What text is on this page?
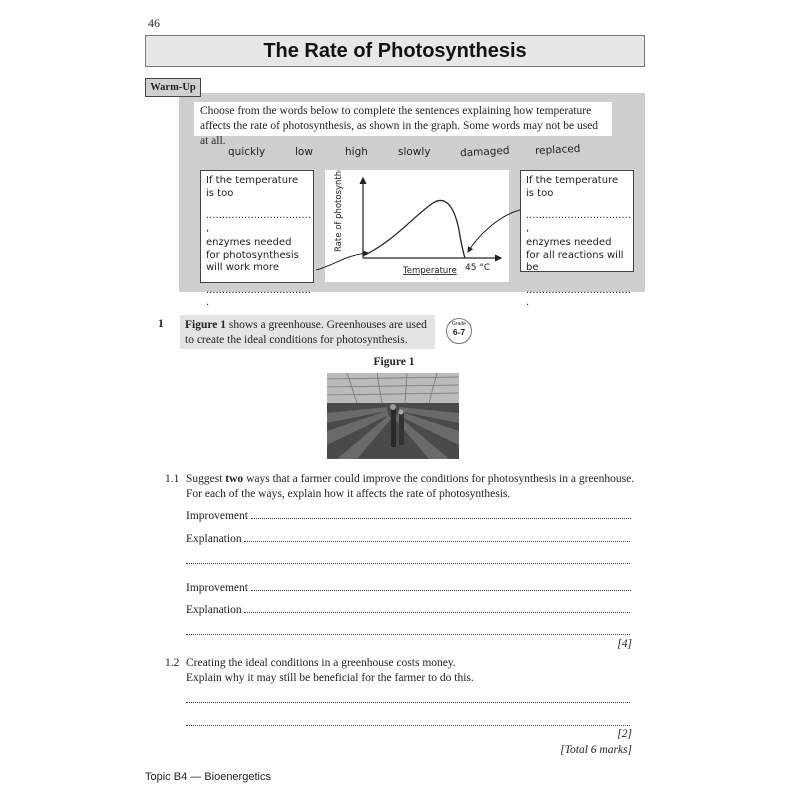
46
The Rate of Photosynthesis
Warm-Up
Choose from the words below to complete the sentences explaining how temperature affects the rate of photosynthesis, as shown in the graph. Some words may not be used at all.
quickly	low	high	slowly	damaged replaced
If the temperature is too
................................. ,
enzymes needed for photosynthesis will work more
................................. .
If the temperature is too
................................. ,
enzymes needed for all reactions will be
................................. .
Rate of photosynthesis
Temperature 45 °C
1	Figure 1 shows a greenhouse. Greenhouses are used to create the ideal conditions for photosynthesis.
Grade
6-7
Figure 1
1.1 Suggest two ways that a farmer could improve the conditions for photosynthesis in a greenhouse.
For each of the ways, explain how it affects the rate of photosynthesis.
Improvement
Explanation
Improvement
Explanation
[4]
1.2 Creating the ideal conditions in a greenhouse costs money.
Explain why it may still be beneficial for the farmer to do this.
[2]
[Total 6 marks]
Topic B4 — Bioenergetics
